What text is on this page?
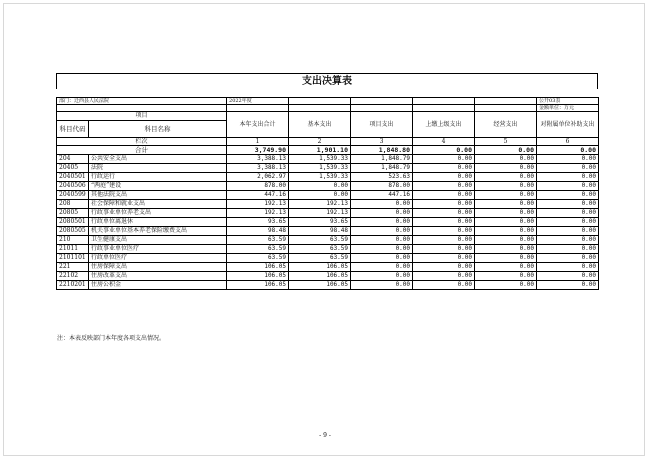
支出决算表
部门：迁西县人民法院		2022年度					公开03表
							金额单位：万元
项目		本年支出合计	基本支出	项目支出	上缴上级支出	经营支出	对附属单位补助支出
科目代码	科目名称						
栏次		1	2	3	4	5	6
合计		3,749.90	1,901.10	1,848.80	0.00	0.00	0.00
204	公共安全支出	3,388.13	1,539.33	1,848.79	0.00	0.00	0.00
20405	法院	3,388.13	1,539.33	1,848.79	0.00	0.00	0.00
2040501	行政运行	2,062.97	1,539.33	523.63	0.00	0.00	0.00
2040506	“两庭”建设	878.00	0.00	878.00	0.00	0.00	0.00
2040599	其他法院支出	447.16	0.00	447.16	0.00	0.00	0.00
208	社会保障和就业支出	192.13	192.13	0.00	0.00	0.00	0.00
20805	行政事业单位养老支出	192.13	192.13	0.00	0.00	0.00	0.00
2080501	行政单位离退休	93.65	93.65	0.00	0.00	0.00	0.00
2080505	机关事业单位基本养老保险缴费支出	98.48	98.48	0.00	0.00	0.00	0.00
210	卫生健康支出	63.59	63.59	0.00	0.00	0.00	0.00
21011	行政事业单位医疗	63.59	63.59	0.00	0.00	0.00	0.00
2101101	行政单位医疗	63.59	63.59	0.00	0.00	0.00	0.00
221	住房保障支出	106.05	106.05	0.00	0.00	0.00	0.00
22102	住房改革支出	106.05	106.05	0.00	0.00	0.00	0.00
2210201	住房公积金	106.05	106.05	0.00	0.00	0.00	0.00
注：本表反映部门本年度各项支出情况。
- 9 -
